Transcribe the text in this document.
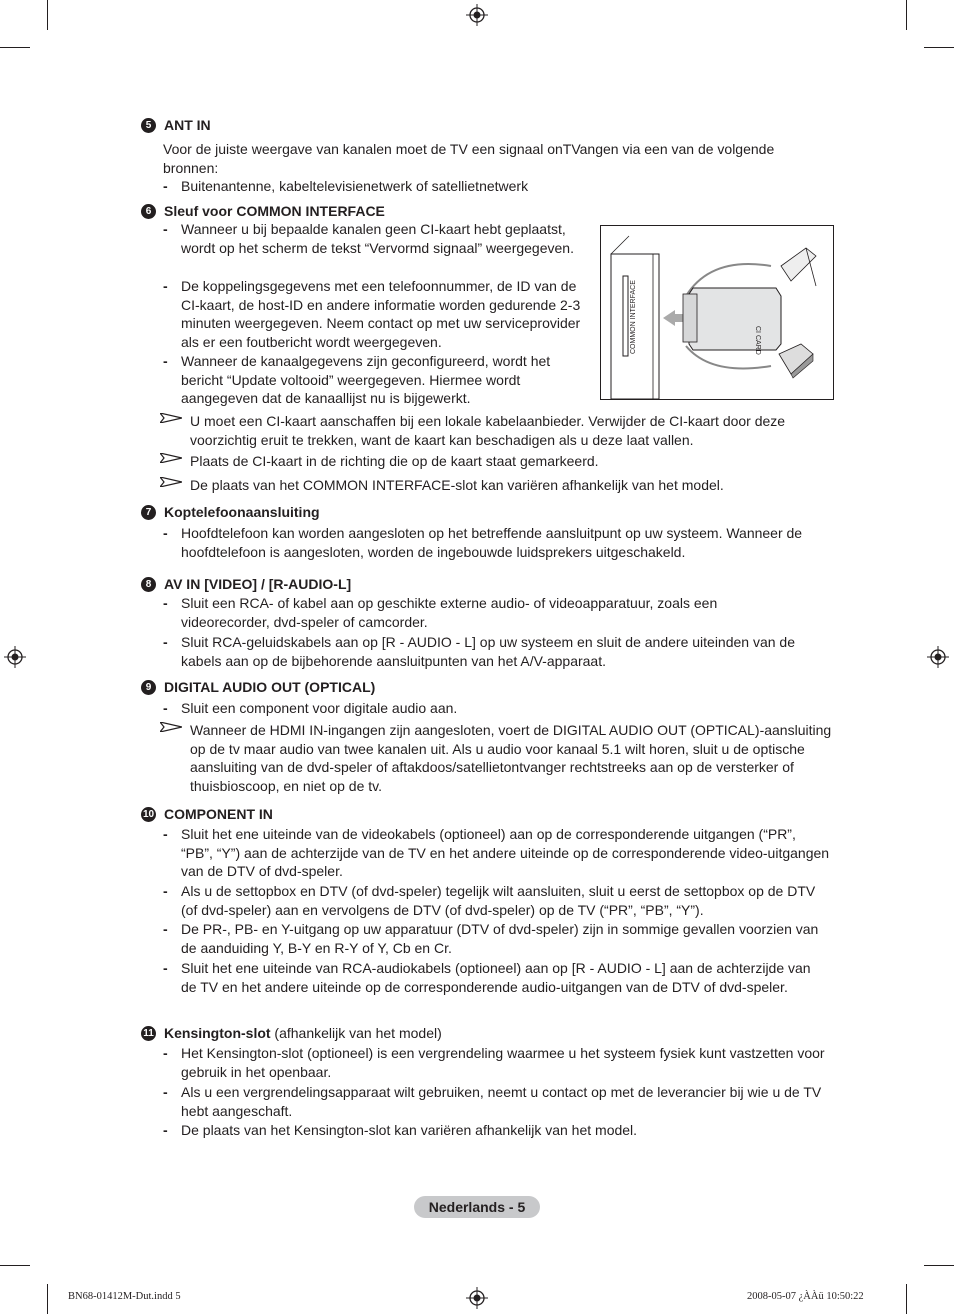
5 ANT IN
Voor de juiste weergave van kanalen moet de TV een signaal onTVangen via een van de volgende bronnen:
- Buitenantenne, kabeltelevisienetwerk of satellietnetwerk
6 Sleuf voor COMMON INTERFACE
- Wanneer u bij bepaalde kanalen geen CI-kaart hebt geplaatst, wordt op het scherm de tekst “Vervormd signaal” weergegeven.
- De koppelingsgegevens met een telefoonnummer, de ID van de CI-kaart, de host-ID en andere informatie worden gedurende 2-3 minuten weergegeven. Neem contact op met uw serviceprovider als er een foutbericht wordt weergegeven.
- Wanneer de kanaalgegevens zijn geconfigureerd, wordt het bericht “Update voltooid” weergegeven. Hiermee wordt aangegeven dat de kanaallijst nu is bijgewerkt.
COMMON INTERFACE	CI CARD
U moet een CI-kaart aanschaffen bij een lokale kabelaanbieder. Verwijder de CI-kaart door deze voorzichtig eruit te trekken, want de kaart kan beschadigen als u deze laat vallen.
Plaats de CI-kaart in de richting die op de kaart staat gemarkeerd.
De plaats van het COMMON INTERFACE-slot kan variëren afhankelijk van het model.
7 Koptelefoonaansluiting
- Hoofdtelefoon kan worden aangesloten op het betreffende aansluitpunt op uw systeem. Wanneer de hoofdtelefoon is aangesloten, worden de ingebouwde luidsprekers uitgeschakeld.
8 AV IN [VIDEO] / [R-AUDIO-L]
- Sluit een RCA- of kabel aan op geschikte externe audio- of videoapparatuur, zoals een videorecorder, dvd-speler of camcorder.
- Sluit RCA-geluidskabels aan op [R - AUDIO - L] op uw systeem en sluit de andere uiteinden van de kabels aan op de bijbehorende aansluitpunten van het A/V-apparaat.
9 DIGITAL AUDIO OUT (OPTICAL)
- Sluit een component voor digitale audio aan.
Wanneer de HDMI IN-ingangen zijn aangesloten, voert de DIGITAL AUDIO OUT (OPTICAL)-aansluiting op de tv maar audio van twee kanalen uit. Als u audio voor kanaal 5.1 wilt horen, sluit u de optische aansluiting van de dvd-speler of aftakdoos/satellietontvanger rechtstreeks aan op de versterker of thuisbioscoop, en niet op de tv.
10 COMPONENT IN
- Sluit het ene uiteinde van de videokabels (optioneel) aan op de corresponderende uitgangen (“PR”, “PB”, “Y”) aan de achterzijde van de TV en het andere uiteinde op de corresponderende video-uitgangen van de DTV of dvd-speler.
- Als u de settopbox en DTV (of dvd-speler) tegelijk wilt aansluiten, sluit u eerst de settopbox op de DTV (of dvd-speler) aan en vervolgens de DTV (of dvd-speler) op de TV (“PR”, “PB”, “Y”).
- De PR-, PB- en Y-uitgang op uw apparatuur (DTV of dvd-speler) zijn in sommige gevallen voorzien van de aanduiding Y, B-Y en R-Y of Y, Cb en Cr.
- Sluit het ene uiteinde van RCA-audiokabels (optioneel) aan op [R - AUDIO - L] aan de achterzijde van de TV en het andere uiteinde op de corresponderende audio-uitgangen van de DTV of dvd-speler.
11 Kensington-slot (afhankelijk van het model)
- Het Kensington-slot (optioneel) is een vergrendeling waarmee u het systeem fysiek kunt vastzetten voor gebruik in het openbaar.
- Als u een vergrendelingsapparaat wilt gebruiken, neemt u contact op met de leverancier bij wie u de TV hebt aangeschaft.
- De plaats van het Kensington-slot kan variëren afhankelijk van het model.
Nederlands - 5
BN68-01412M-Dut.indd 5	2008-05-07 ¿ÀÀü 10:50:22
